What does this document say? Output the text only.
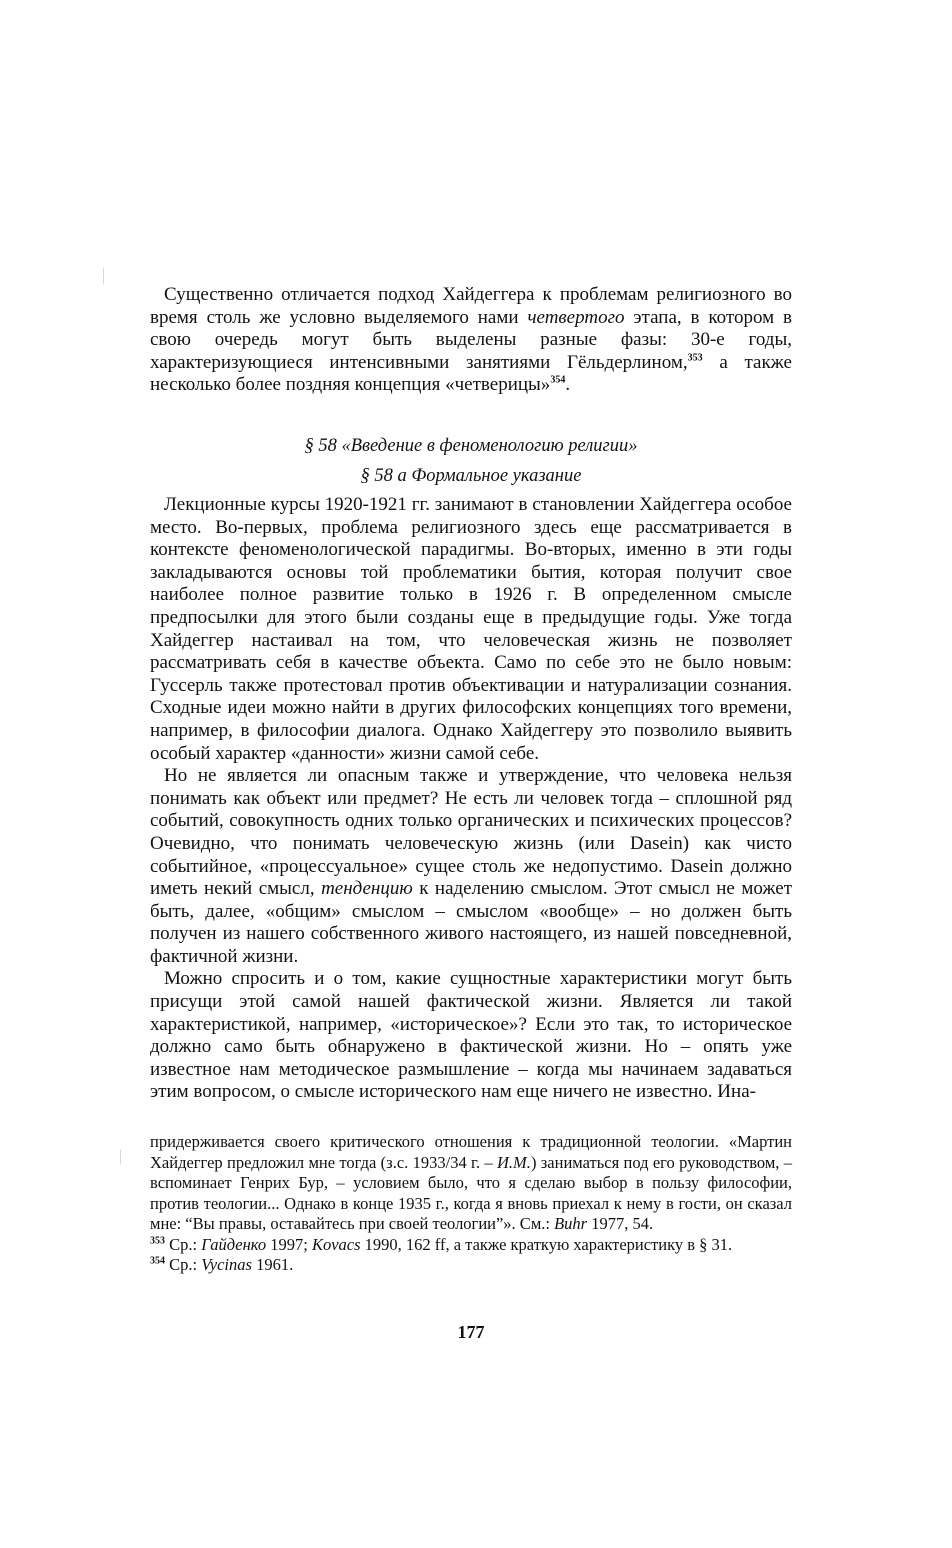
Существенно отличается подход Хайдеггера к проблемам религиозного во время столь же условно выделяемого нами четвертого этапа, в котором в свою очередь могут быть выделены разные фазы: 30-е годы, характеризующиеся интенсивными занятиями Гёльдерлином,$^{353}$ а также несколько более поздняя концепция «четверицы»$^{354}$.

§ 58 «Введение в феноменологию религии»

§ 58 а Формальное указание

Лекционные курсы 1920-1921 гг. занимают в становлении Хайдеггера особое место. Во-первых, проблема религиозного здесь еще рассматривается в контексте феноменологической парадигмы. Во-вторых, именно в эти годы закладываются основы той проблематики бытия, которая получит свое наиболее полное развитие только в 1926 г. В определенном смысле предпосылки для этого были созданы еще в предыдущие годы. Уже тогда Хайдеггер настаивал на том, что человеческая жизнь не позволяет рассматривать себя в качестве объекта. Само по себе это не было новым: Гуссерль также протестовал против объективации и натурализации сознания. Сходные идеи можно найти в других философских концепциях того времени, например, в философии диалога. Однако Хайдеггеру это позволило выявить особый характер «данности» жизни самой себе.

Но не является ли опасным также и утверждение, что человека нельзя понимать как объект или предмет? Не есть ли человек тогда – сплошной ряд событий, совокупность одних только органических и психических процессов? Очевидно, что понимать человеческую жизнь (или Dasein) как чисто событийное, «процессуальное» сущее столь же недопустимо. Dasein должно иметь некий смысл, тенденцию к наделению смыслом. Этот смысл не может быть, далее, «общим» смыслом – смыслом «вообще» – но должен быть получен из нашего собственного живого настоящего, из нашей повседневной, фактичной жизни.

Можно спросить и о том, какие сущностные характеристики могут быть присущи этой самой нашей фактической жизни. Является ли такой характеристикой, например, «историческое»? Если это так, то историческое должно само быть обнаружено в фактической жизни. Но – опять уже известное нам методическое размышление – когда мы начинаем задаваться этим вопросом, о смысле исторического нам еще ничего не известно. Ина-

придерживается своего критического отношения к традиционной теологии. «Мартин Хайдеггер предложил мне тогда (з.с. 1933/34 г. – И.М.) заниматься под его руководством, – вспоминает Генрих Бур, – условием было, что я сделаю выбор в пользу философии, против теологии... Однако в конце 1935 г., когда я вновь приехал к нему в гости, он сказал мне: “Вы правы, оставайтесь при своей теологии”». См.: Buhr 1977, 54.

$^{353}$ Ср.: Гайденко 1997; Kovacs 1990, 162 ff, а также краткую характеристику в § 31.

$^{354}$ Ср.: Vycinas 1961.

177
